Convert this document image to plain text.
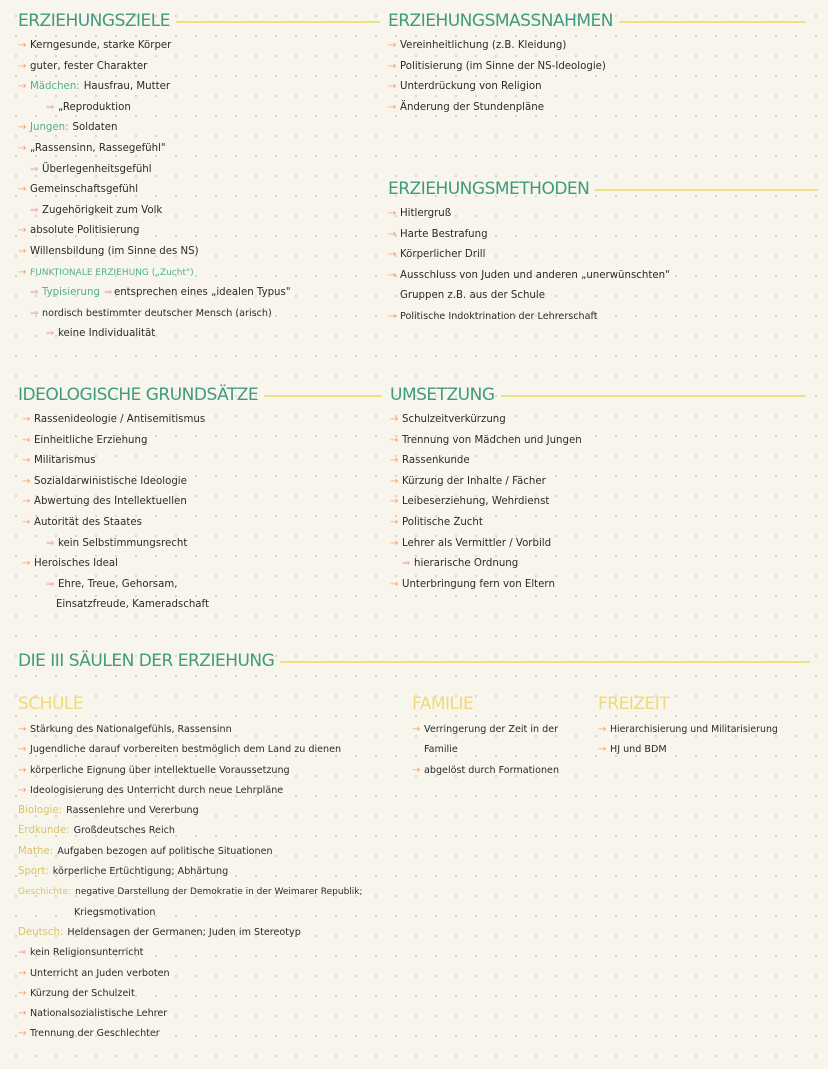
ERZIEHUNGSZIELE
→ Kerngesunde, starke Körper
→ guter, fester Charakter
→ Mädchen: Hausfrau, Mutter
⇒ „Reproduktion
→ Jungen: Soldaten
→ „Rassensinn, Rassegefühl"
⇒ Überlegenheitsgefühl
→ Gemeinschaftsgefühl
⇒ Zugehörigkeit zum Volk
→ absolute Politisierung
→ Willensbildung (im Sinne des NS)
→ FUNKTIONALE ERZIEHUNG („Zucht")
⇒ Typisierung ⇒ entsprechen eines „idealen Typus"
⇒ nordisch bestimmter deutscher Mensch (arisch)
⇒ keine Individualität
ERZIEHUNGSMASSNAHMEN
→ Vereinheitlichung (z.B. Kleidung)
→ Politisierung (im Sinne der NS-Ideologie)
→ Unterdrückung von Religion
→ Änderung der Stundenpläne
ERZIEHUNGSMETHODEN
→ Hitlergruß
→ Harte Bestrafung
→ Körperlicher Drill
→ Ausschluss von Juden und anderen „unerwünschten"
Gruppen z.B. aus der Schule
→ Politische Indoktrination der Lehrerschaft
IDEOLOGISCHE GRUNDSÄTZE
→ Rassenideologie / Antisemitismus
→ Einheitliche Erziehung
→ Militarismus
→ Sozialdarwinistische Ideologie
→ Abwertung des Intellektuellen
→ Autorität des Staates
⇒ kein Selbstimmungsrecht
→ Heroisches Ideal
⇒ Ehre, Treue, Gehorsam,
Einsatzfreude, Kameradschaft
UMSETZUNG
→ Schulzeitverkürzung
→ Trennung von Mädchen und Jungen
→ Rassenkunde
→ Kürzung der Inhalte / Fächer
→ Leibeserziehung, Wehrdienst
→ Politische Zucht
→ Lehrer als Vermittler / Vorbild
⇒ hierarische Ordnung
→ Unterbringung fern von Eltern
DIE III SÄULEN DER ERZIEHUNG
SCHULE
→ Stärkung des Nationalgefühls, Rassensinn
→ Jugendliche darauf vorbereiten bestmöglich dem Land zu dienen
→ körperliche Eignung über intellektuelle Voraussetzung
→ Ideologisierung des Unterricht durch neue Lehrpläne
Biologie: Rassenlehre und Vererbung
Erdkunde: Großdeutsches Reich
Mathe: Aufgaben bezogen auf politische Situationen
Sport: körperliche Ertüchtigung; Abhärtung
Geschichte: negative Darstellung der Demokratie in der Weimarer Republik;
Kriegsmotivation
Deutsch: Heldensagen der Germanen; Juden im Stereotyp
⇒ kein Religionsunterricht
→ Unterricht an Juden verboten
→ Kürzung der Schulzeit
→ Nationalsozialistische Lehrer
→ Trennung der Geschlechter
FAMILIE
→ Verringerung der Zeit in der
Familie
→ abgelöst durch Formationen
FREIZEIT
→ Hierarchisierung und Militarisierung
→ HJ und BDM
